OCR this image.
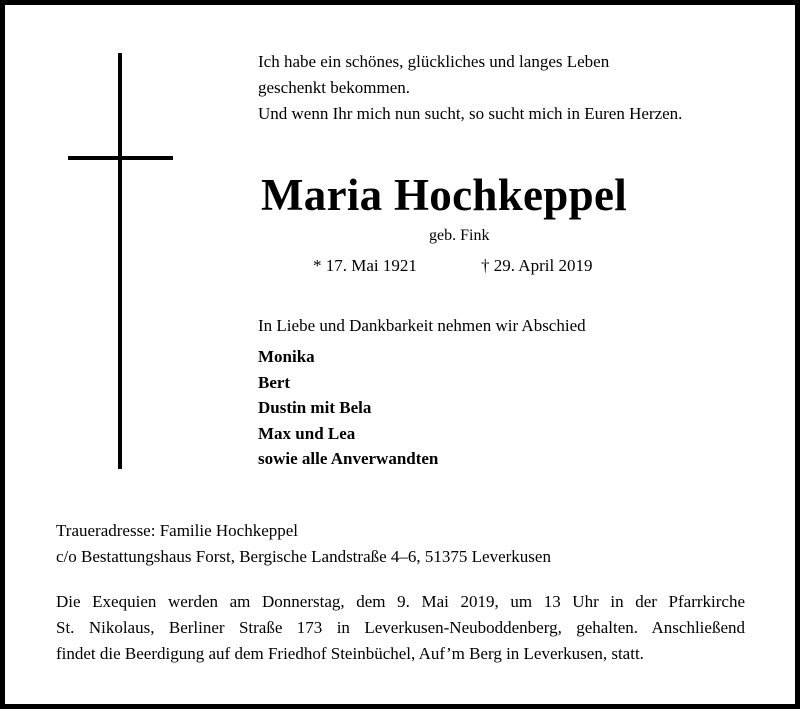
Ich habe ein schönes, glückliches und langes Leben
geschenkt bekommen.
Und wenn Ihr mich nun sucht, so sucht mich in Euren Herzen.
Maria Hochkeppel
geb. Fink
* 17. Mai 1921	† 29. April 2019
In Liebe und Dankbarkeit nehmen wir Abschied
Monika
Bert
Dustin mit Bela
Max und Lea
sowie alle Anverwandten
Traueradresse: Familie Hochkeppel
c/o Bestattungshaus Forst, Bergische Landstraße 4–6, 51375 Leverkusen
Die Exequien werden am Donnerstag, dem 9. Mai 2019, um 13 Uhr in der Pfarrkirche
St. Nikolaus, Berliner Straße 173 in Leverkusen-Neuboddenberg, gehalten. Anschließend
findet die Beerdigung auf dem Friedhof Steinbüchel, Auf’m Berg in Leverkusen, statt.
